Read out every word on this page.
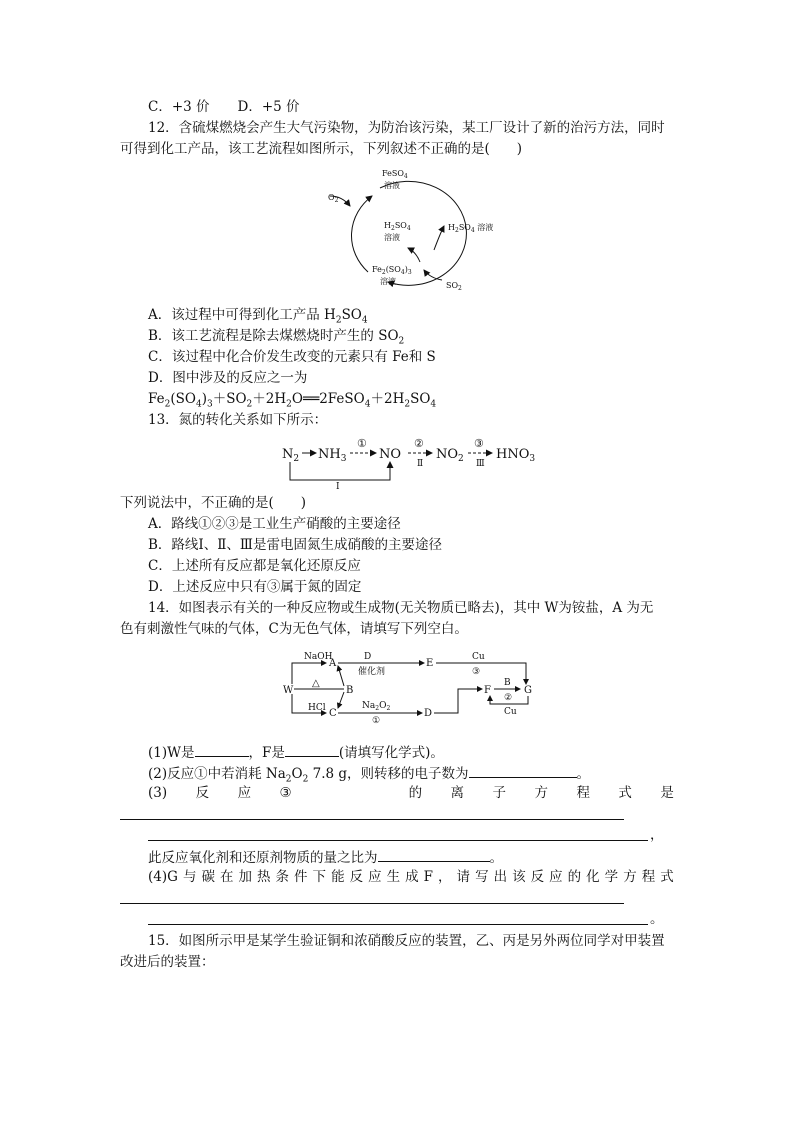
C．+3 价 D．+5 价
12．含硫煤燃烧会产生大气污染物，为防治该污染，某工厂设计了新的治污方法，同时
可得到化工产品，该工艺流程如图所示，下列叙述不正确的是(　　)
FeSO$_4$
溶液
$H_2SO_4$
溶液
$Fe_2(SO_4)_3$
溶液
$O_2$
$H_2SO_4$ 溶液
$SO_2$
A．该过程中可得到化工产品 $H_2SO_4$
B．该工艺流程是除去煤燃烧时产生的 $SO_2$
C．该过程中化合价发生改变的元素只有 Fe和 S
D．图中涉及的反应之一为
$Fe_2(SO_4)_3+SO_2+2H_2O══2FeSO_4+2H_2SO_4$
13．氮的转化关系如下所示：
$N_2$ $NH_3$
①
NO
②
Ⅱ
$NO_2$
③
Ⅲ
$HNO_3$
Ⅰ
下列说法中，不正确的是(　　)
A．路线①②③是工业生产硝酸的主要途径
B．路线Ⅰ、Ⅱ、Ⅲ是雷电固氮生成硝酸的主要途径
C．上述所有反应都是氧化还原反应
D．上述反应中只有③属于氮的固定
14．如图表示有关的一种反应物或生成物(无关物质已略去)，其中 W为铵盐，A 为无
色有刺激性气味的气体，C为无色气体，请填写下列空白。
W
NaOH
A
△
B
HCl C
D
催化剂
E
$Na_2O_2$
①
D
Cu
③
F
B
②
G
Cu
(1)W是	，F是	(请填写化学式)。
(2)反应①中若消耗 $Na_2O_2$ 7.8 g，则转移的电子数为	。
(3) 反 应 ③	的 离 子 方 程 式 是
，
此反应氧化剂和还原剂物质的量之比为	。
(4)G 与 碳 在 加 热 条 件 下 能 反 应 生 成 F ， 请 写 出 该 反 应 的 化 学 方 程 式
。
15．如图所示甲是某学生验证铜和浓硝酸反应的装置，乙、丙是另外两位同学对甲装置
改进后的装置：
